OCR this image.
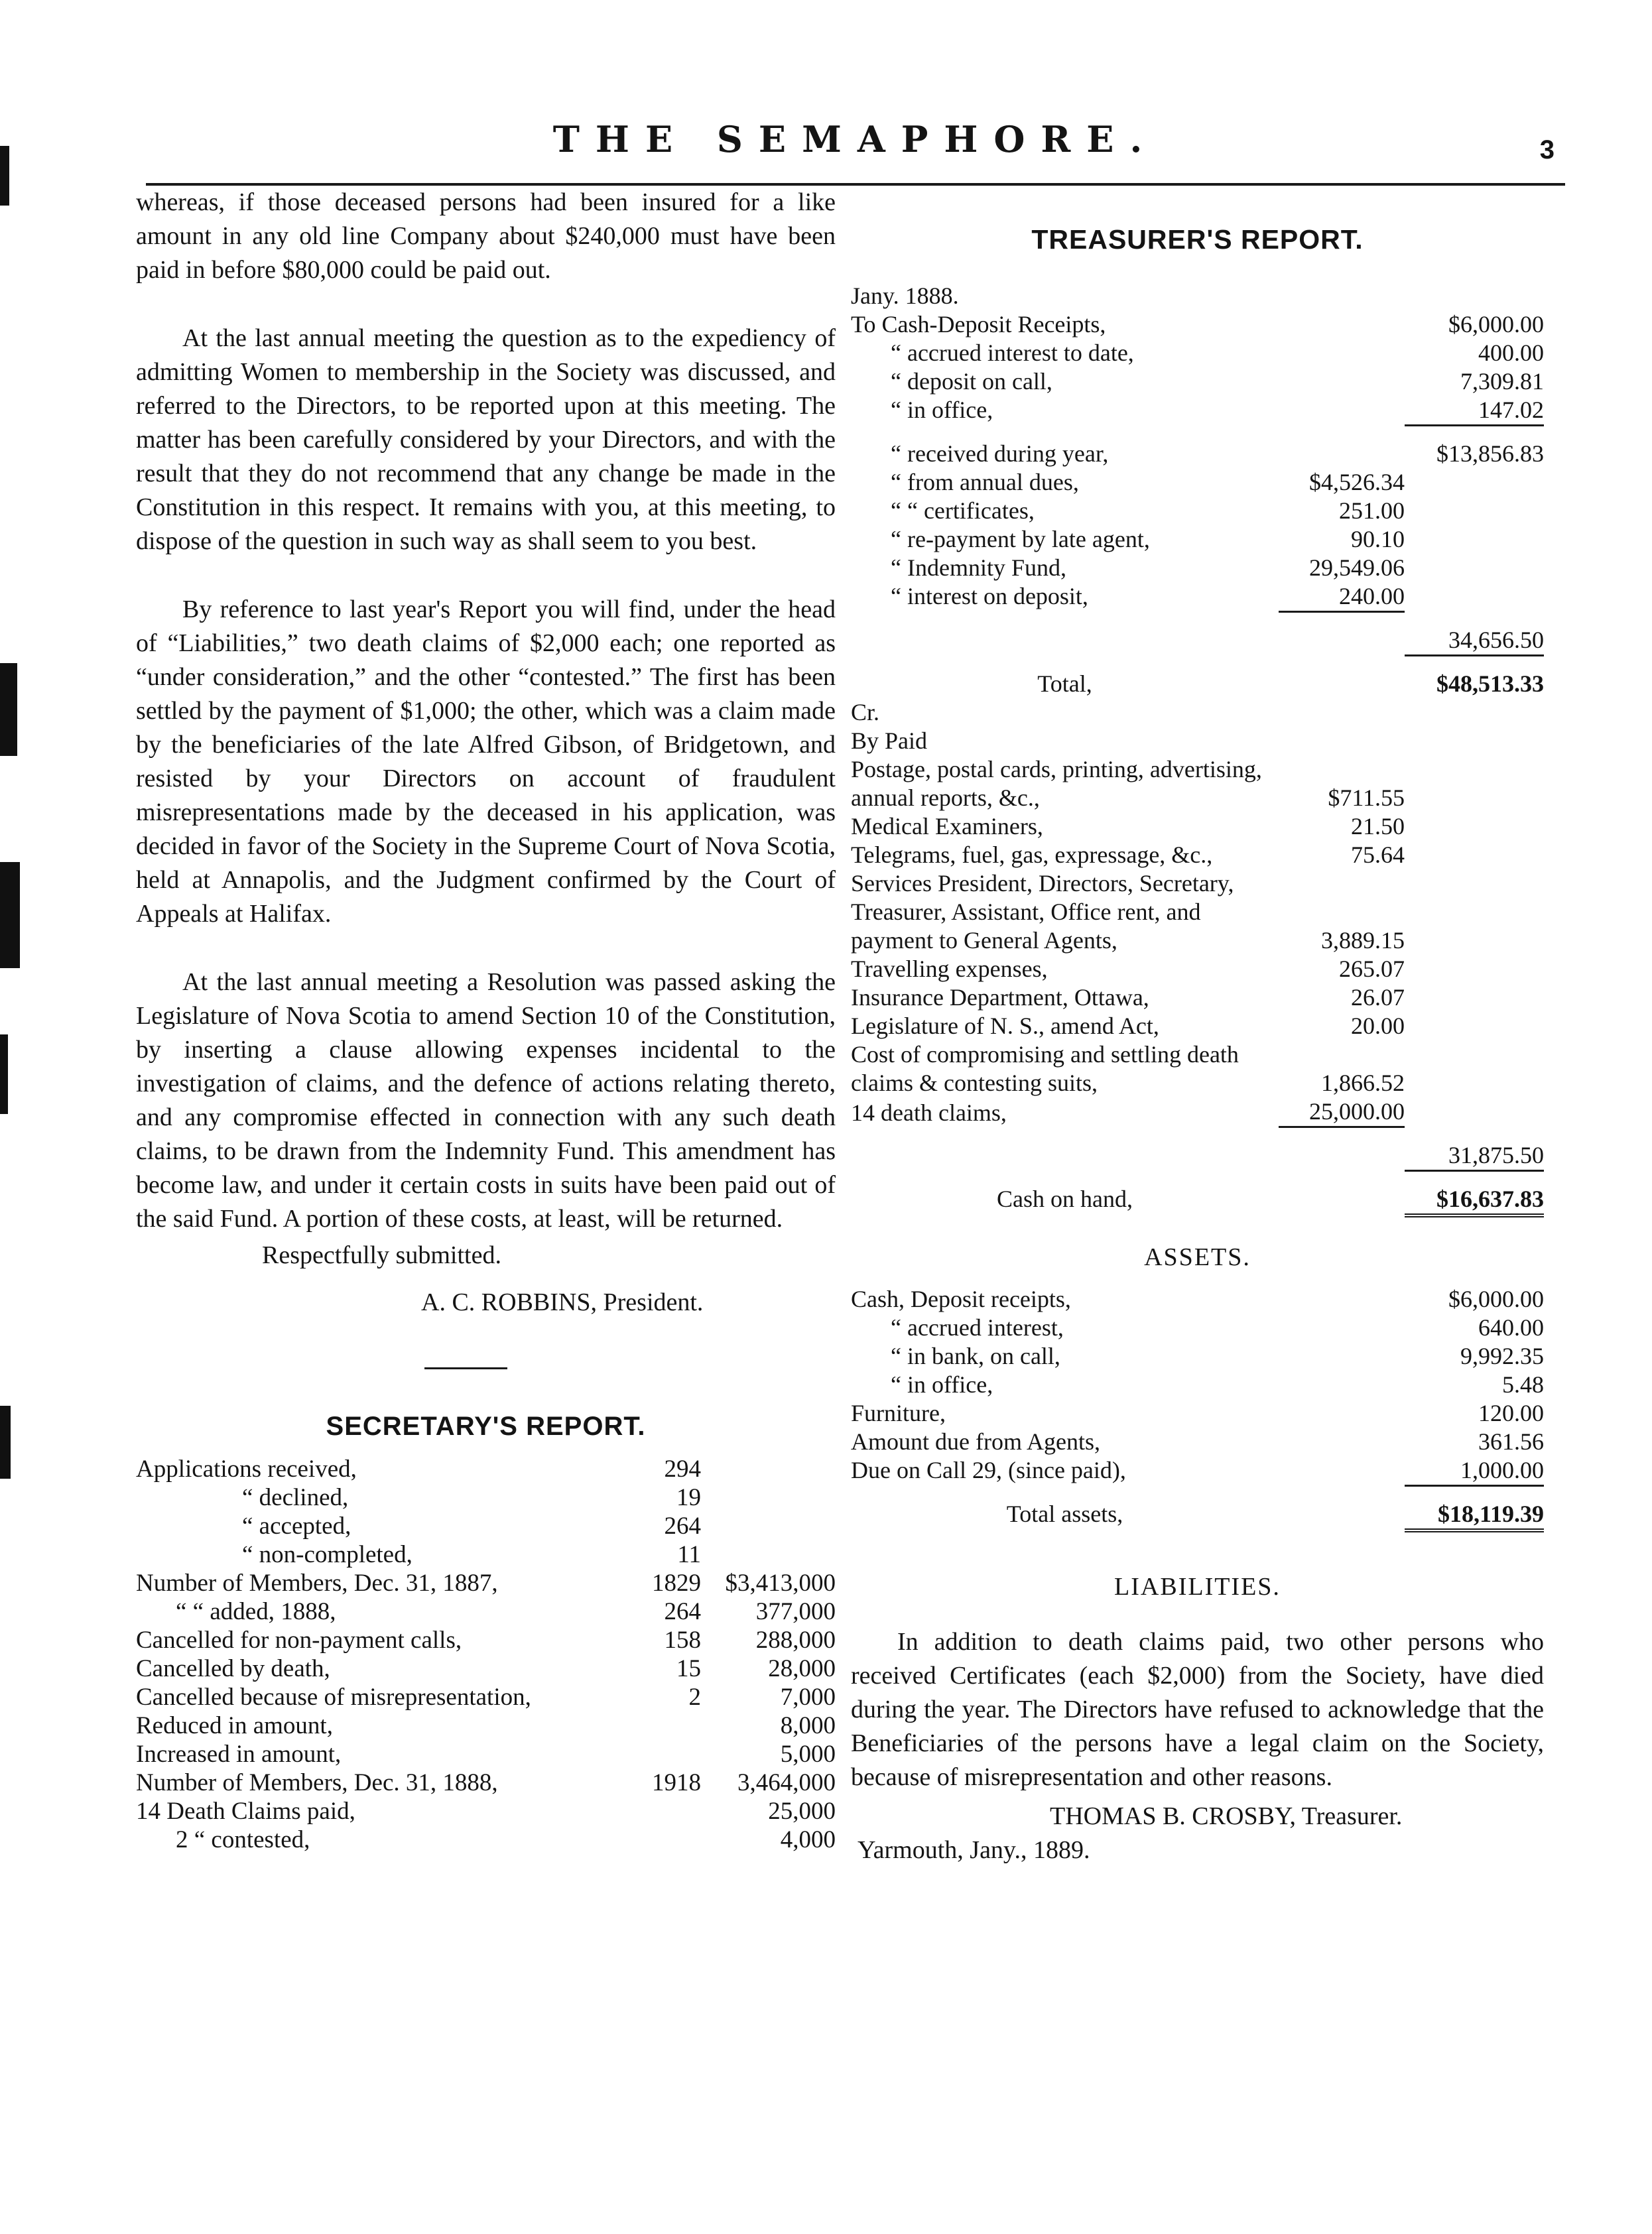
THE SEMAPHORE.	3

whereas, if those deceased persons had been insured for a like amount in any old line Company about $240,000 must have been paid in before $80,000 could be paid out.

At the last annual meeting the question as to the expediency of admitting Women to membership in the Society was discussed, and referred to the Directors, to be reported upon at this meeting. The matter has been carefully considered by your Directors, and with the result that they do not recommend that any change be made in the Constitution in this respect. It remains with you, at this meeting, to dispose of the question in such way as shall seem to you best.

By reference to last year's Report you will find, under the head of “Liabilities,” two death claims of $2,000 each; one reported as “under consideration,” and the other “contested.” The first has been settled by the payment of $1,000; the other, which was a claim made by the beneficiaries of the late Alfred Gibson, of Bridgetown, and resisted by your Directors on account of fraudulent misrepresentations made by the deceased in his application, was decided in favor of the Society in the Supreme Court of Nova Scotia, held at Annapolis, and the Judgment confirmed by the Court of Appeals at Halifax.

At the last annual meeting a Resolution was passed asking the Legislature of Nova Scotia to amend Section 10 of the Constitution, by inserting a clause allowing expenses incidental to the investigation of claims, and the defence of actions relating thereto, and any compromise effected in connection with any such death claims, to be drawn from the Indemnity Fund. This amendment has become law, and under it certain costs in suits have been paid out of the said Fund. A portion of these costs, at least, will be returned.

Respectfully submitted.
A. C. ROBBINS, President.
SECRETARY'S REPORT.
Applications received,	294	
“ declined,	19	
“ accepted,	264	
“ non-completed,	11	
Number of Members, Dec. 31, 1887,	1829	$3,413,000
“ “ added, 1888,	264	377,000
Cancelled for non-payment calls,	158	288,000
Cancelled by death,	15	28,000
Cancelled because of misrepresentation,	2	7,000
Reduced in amount,		8,000
Increased in amount,		5,000
Number of Members, Dec. 31, 1888,	1918	3,464,000
14 Death Claims paid,		25,000
2 “ contested,		4,000
TREASURER'S REPORT.
Jany. 1888.		
To Cash-Deposit Receipts,		$6,000.00
“ accrued interest to date,		400.00
“ deposit on call,		7,309.81
“ in office,		147.02

“ received during year,		$13,856.83
“ from annual dues,	$4,526.34	
“ “ certificates,	251.00	
“ re-payment by late agent,	90.10	
“ Indemnity Fund,	29,549.06	
“ interest on deposit,	240.00	

		34,656.50

Total,		$48,513.33
Cr.		
By Paid		
Postage, postal cards, printing, advertising, annual reports, &c.,	$711.55	
Medical Examiners,	21.50	
Telegrams, fuel, gas, expressage, &c.,	75.64	
Services President, Directors, Secretary, Treasurer, Assistant, Office rent, and payment to General Agents,	3,889.15	
Travelling expenses,	265.07	
Insurance Department, Ottawa,	26.07	
Legislature of N. S., amend Act,	20.00	
Cost of compromising and settling death claims & contesting suits,	1,866.52	
14 death claims,	25,000.00	

		31,875.50

Cash on hand,		$16,637.83
ASSETS.
Cash, Deposit receipts,		$6,000.00
“ accrued interest,		640.00
“ in bank, on call,		9,992.35
“ in office,		5.48
Furniture,		120.00
Amount due from Agents,		361.56
Due on Call 29, (since paid),		1,000.00

Total assets,		$18,119.39
LIABILITIES.

In addition to death claims paid, two other persons who received Certificates (each $2,000) from the Society, have died during the year. The Directors have refused to acknowledge that the Beneficiaries of the persons have a legal claim on the Society, because of misrepresentation and other reasons.

THOMAS B. CROSBY, Treasurer.
Yarmouth, Jany., 1889.
